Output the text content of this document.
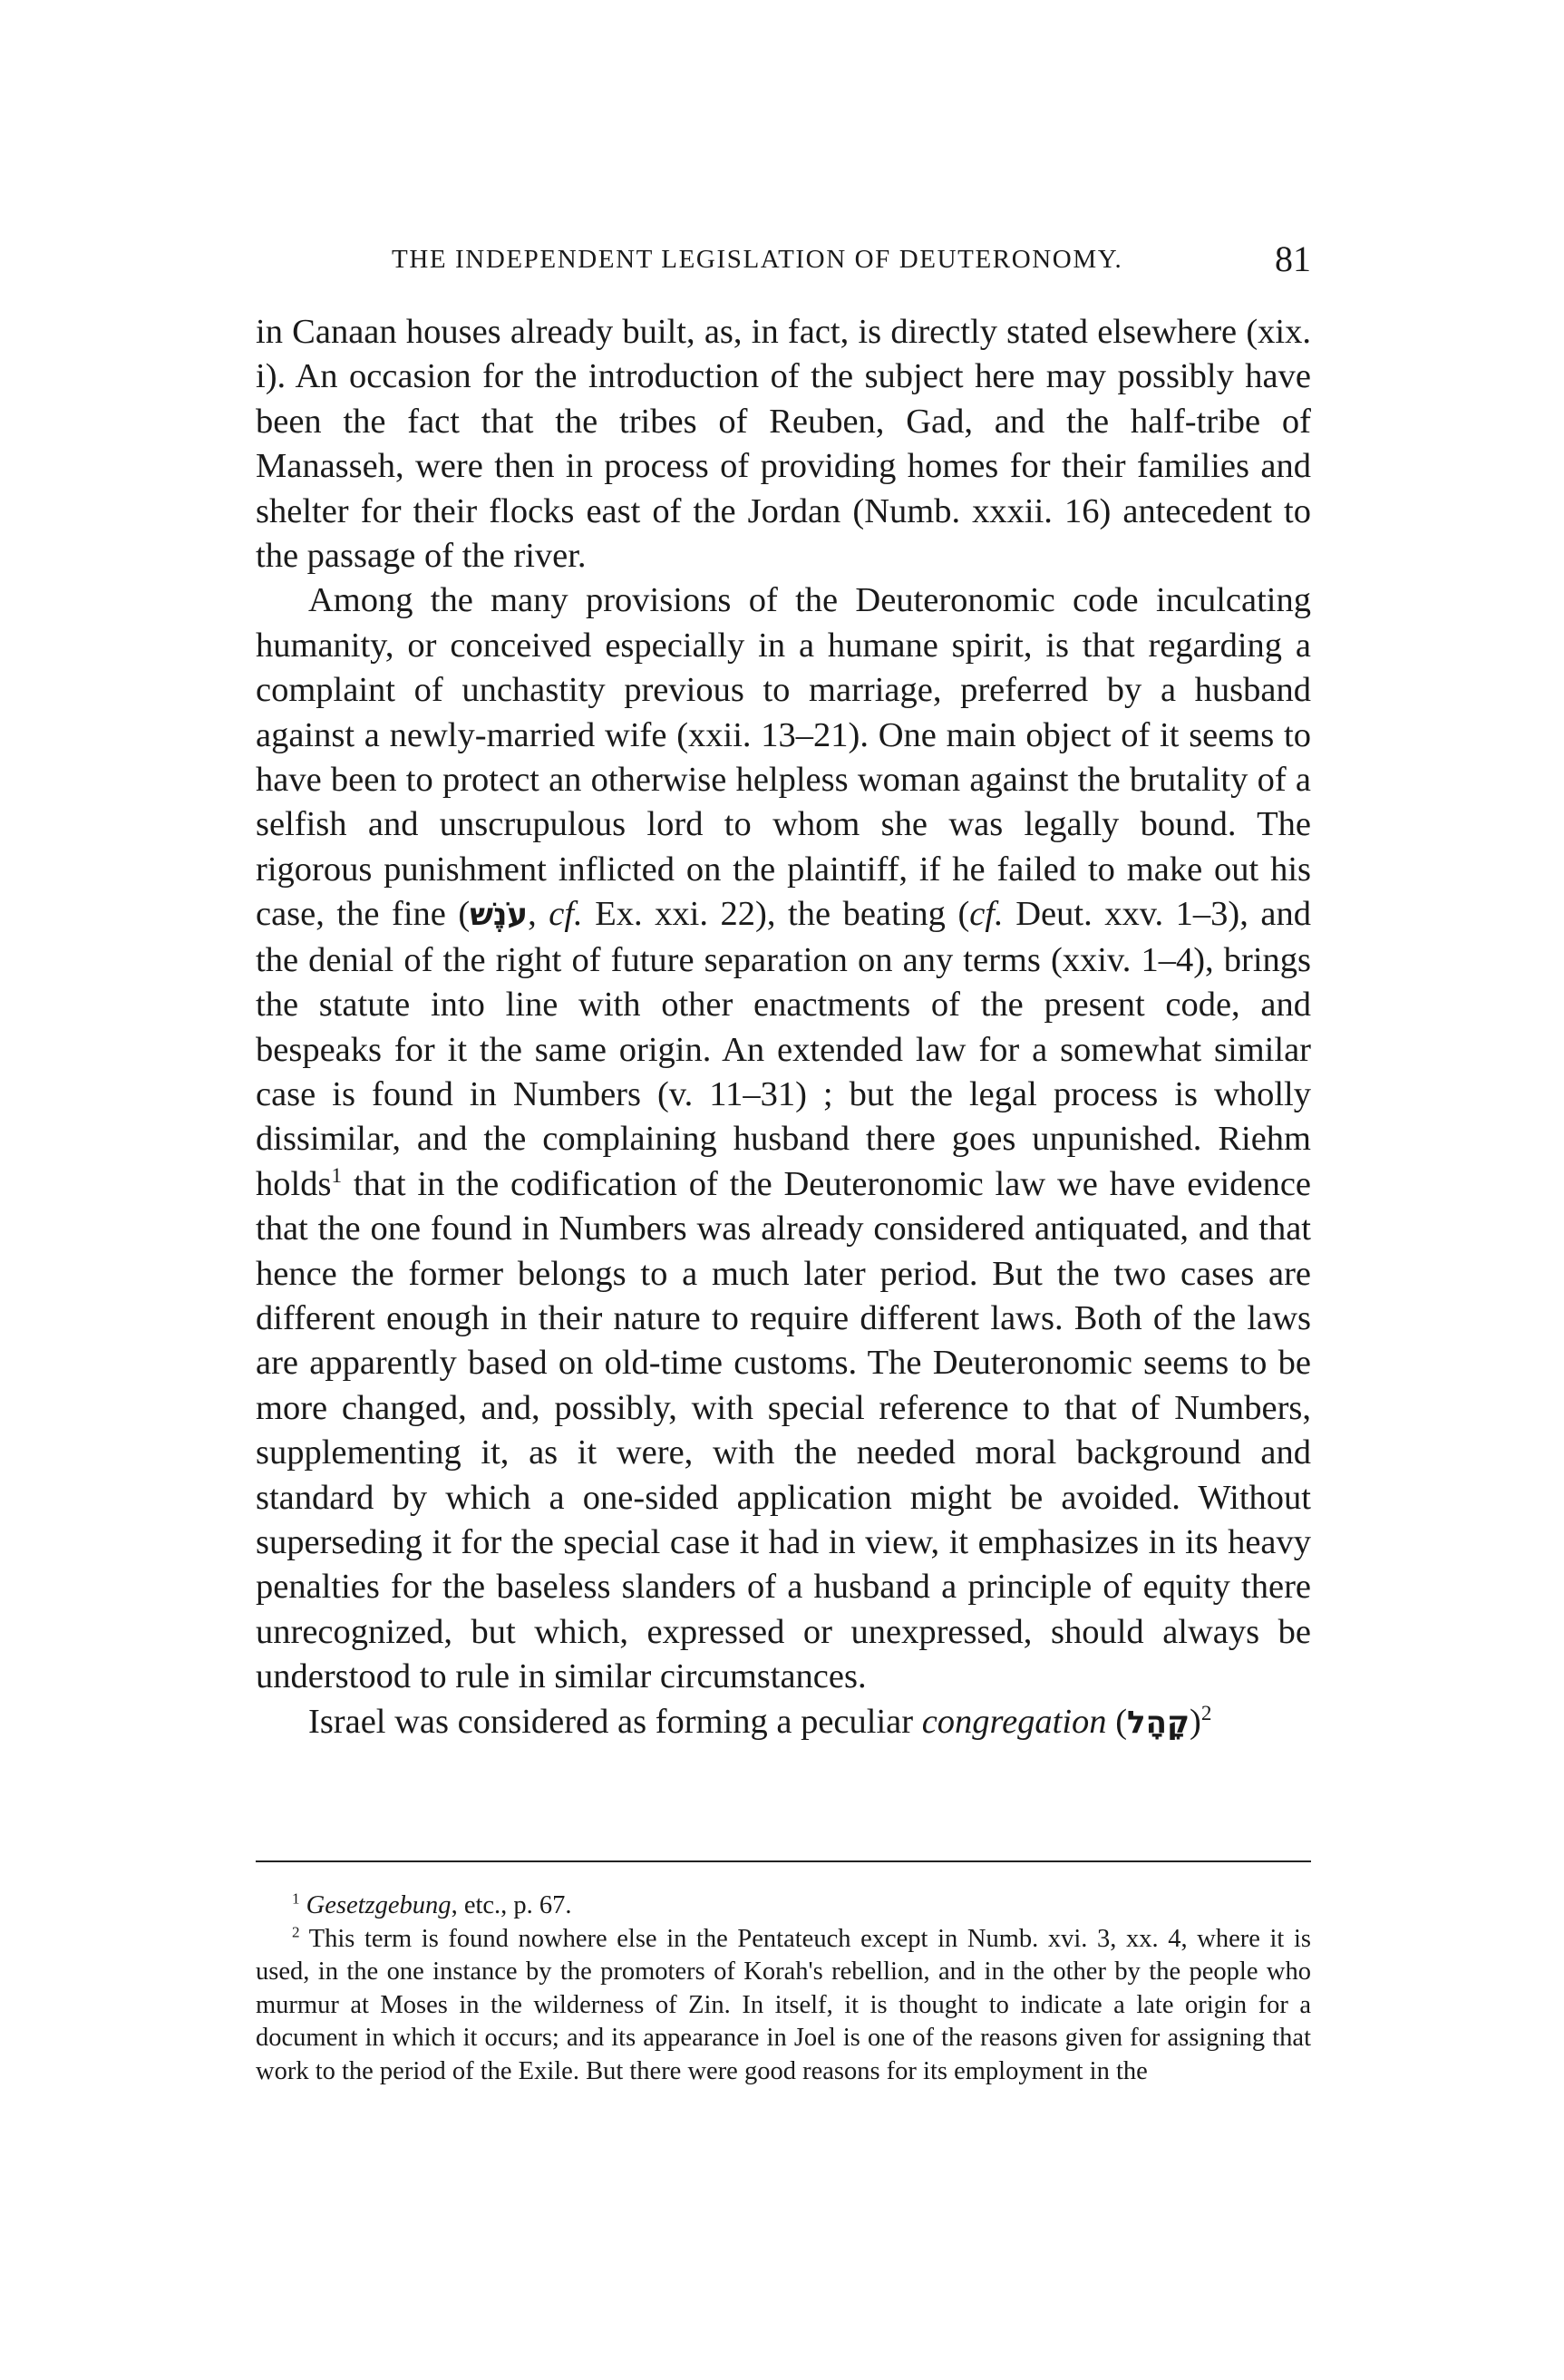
THE INDEPENDENT LEGISLATION OF DEUTERONOMY.	81

in Canaan houses already built, as, in fact, is directly stated elsewhere (xix. i). An occasion for the introduction of the subject here may possibly have been the fact that the tribes of Reuben, Gad, and the half-tribe of Manasseh, were then in process of providing homes for their families and shelter for their flocks east of the Jordan (Numb. xxxii. 16) antecedent to the passage of the river.

Among the many provisions of the Deuteronomic code inculcating humanity, or conceived especially in a humane spirit, is that regarding a complaint of unchastity previous to marriage, preferred by a husband against a newly-married wife (xxii. 13–21). One main object of it seems to have been to protect an otherwise helpless woman against the brutality of a selfish and unscrupulous lord to whom she was legally bound. The rigorous punishment inflicted on the plaintiff, if he failed to make out his case, the fine (עֹנֶשׁ, cf. Ex. xxi. 22), the beating (cf. Deut. xxv. 1–3), and the denial of the right of future separation on any terms (xxiv. 1–4), brings the statute into line with other enactments of the present code, and bespeaks for it the same origin. An extended law for a somewhat similar case is found in Numbers (v. 11–31) ; but the legal process is wholly dissimilar, and the complaining husband there goes unpunished. Riehm holds$^1$ that in the codification of the Deuteronomic law we have evidence that the one found in Numbers was already considered antiquated, and that hence the former belongs to a much later period. But the two cases are different enough in their nature to require different laws. Both of the laws are apparently based on old-time customs. The Deuteronomic seems to be more changed, and, possibly, with special reference to that of Numbers, supplementing it, as it were, with the needed moral background and standard by which a one-sided application might be avoided. Without superseding it for the special case it had in view, it emphasizes in its heavy penalties for the baseless slanders of a husband a principle of equity there unrecognized, but which, expressed or unexpressed, should always be understood to rule in similar circumstances.

Israel was considered as forming a peculiar congregation (קָהָל)$^2$

$^1$ Gesetzgebung, etc., p. 67.

$^2$ This term is found nowhere else in the Pentateuch except in Numb. xvi. 3, xx. 4, where it is used, in the one instance by the promoters of Korah's rebellion, and in the other by the people who murmur at Moses in the wilderness of Zin. In itself, it is thought to indicate a late origin for a document in which it occurs; and its appearance in Joel is one of the reasons given for assigning that work to the period of the Exile. But there were good reasons for its employment in the
